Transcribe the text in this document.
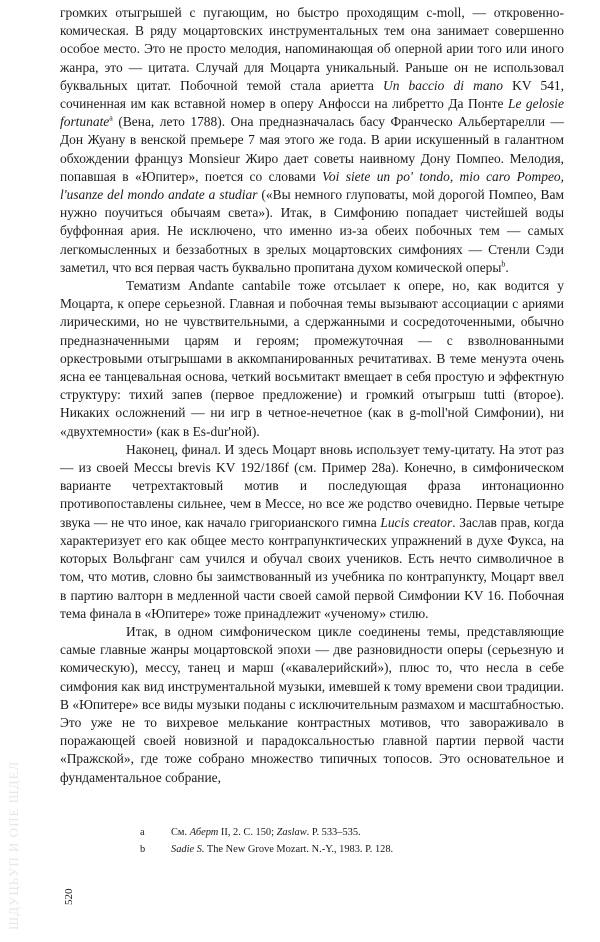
ШДУЦЬУП И ОПЕ ШДЕЛ

громких отыгрышей с пугающим, но быстро проходящим c-moll, — откровенно-комическая. В ряду моцартовских инструментальных тем она занимает совершенно особое место. Это не просто мелодия, напоминающая об оперной арии того или иного жанра, это — цитата. Случай для Моцарта уникальный. Раньше он не использовал буквальных цитат. Побочной темой стала ариетта Un baccio di mano KV 541, сочиненная им как вставной номер в оперу Анфосси на либретто Да Понте Le gelosie fortunate$^a$ (Вена, лето 1788). Она предназначалась басу Франческо Альбертарелли — Дон Жуану в венской премьере 7 мая этого же года. В арии искушенный в галантном обхождении француз Monsieur Жиро дает советы наивному Дону Помпео. Мелодия, попавшая в «Юпитер», поется со словами Voi siete un po' tondo, mio caro Pompeo, l'usanze del mondo andate a studiar («Вы немного глуповаты, мой дорогой Помпео, Вам нужно поучиться обычаям света»). Итак, в Симфонию попадает чистейшей воды буффонная ария. Не исключено, что именно из-за обеих побочных тем — самых легкомысленных и беззаботных в зрелых моцартовских симфониях — Стенли Сэди заметил, что вся первая часть буквально пропитана духом комической оперы$^b$.

Тематизм Andante cantabile тоже отсылает к опере, но, как водится у Моцарта, к опере серьезной. Главная и побочная темы вызывают ассоциации с ариями лирическими, но не чувствительными, а сдержанными и сосредоточенными, обычно предназначенными царям и героям; промежуточная — с взволнованными оркестровыми отыгрышами в аккомпанированных речитативах. В теме менуэта очень ясна ее танцевальная основа, четкий восьмитакт вмещает в себя простую и эффектную структуру: тихий запев (первое предложение) и громкий отыгрыш tutti (второе). Никаких осложнений — ни игр в четное-нечетное (как в g-moll'ной Симфонии), ни «двухтемности» (как в Es-dur'ной).

Наконец, финал. И здесь Моцарт вновь использует тему-цитату. На этот раз — из своей Мессы brevis KV 192/186f (см. Пример 28a). Конечно, в симфоническом варианте четрехтактовый мотив и последующая фраза интонационно противопоставлены сильнее, чем в Мессе, но все же родство очевидно. Первые четыре звука — не что иное, как начало григорианского гимна Lucis creator. Заслав прав, когда характеризует его как общее место контрапунктических упражнений в духе Фукса, на которых Вольфганг сам учился и обучал своих учеников. Есть нечто символичное в том, что мотив, словно бы заимствованный из учебника по контрапункту, Моцарт ввел в партию валторн в медленной части своей самой первой Симфонии KV 16. Побочная тема финала в «Юпитере» тоже принадлежит «ученому» стилю.

Итак, в одном симфоническом цикле соединены темы, представляющие самые главные жанры моцартовской эпохи — две разновидности оперы (серьезную и комическую), мессу, танец и марш («кавалерийский»), плюс то, что несла в себе симфония как вид инструментальной музыки, имевшей к тому времени свои традиции. В «Юпитере» все виды музыки поданы с исключительным размахом и масштабностью. Это уже не то вихревое мелькание контрастных мотивов, что завораживало в поражающей своей новизной и парадоксальностью главной партии первой части «Пражской», где тоже собрано множество типичных топосов. Это основательное и фундаментальное собрание,

a	См. Аберт II, 2. С. 150; Zaslaw. P. 533–535.
b	Sadie S. The New Grove Mozart. N.-Y., 1983. P. 128.
520
